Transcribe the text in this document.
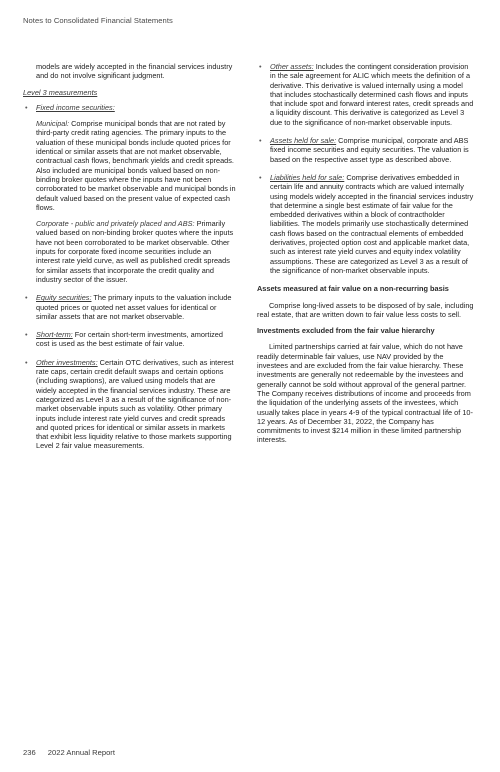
Notes to Consolidated Financial Statements

models are widely accepted in the financial services industry and do not involve significant judgment.

Level 3 measurements

• Fixed income securities:

Municipal: Comprise municipal bonds that are not rated by third-party credit rating agencies. The primary inputs to the valuation of these municipal bonds include quoted prices for identical or similar assets that are not market observable, contractual cash flows, benchmark yields and credit spreads. Also included are municipal bonds valued based on non-binding broker quotes where the inputs have not been corroborated to be market observable and municipal bonds in default valued based on the present value of expected cash flows.

Corporate - public and privately placed and ABS: Primarily valued based on non-binding broker quotes where the inputs have not been corroborated to be market observable. Other inputs for corporate fixed income securities include an interest rate yield curve, as well as published credit spreads for similar assets that incorporate the credit quality and industry sector of the issuer.

• Equity securities: The primary inputs to the valuation include quoted prices or quoted net asset values for identical or similar assets that are not market observable.
• Short-term: For certain short-term investments, amortized cost is used as the best estimate of fair value.
• Other investments: Certain OTC derivatives, such as interest rate caps, certain credit default swaps and certain options (including swaptions), are valued using models that are widely accepted in the financial services industry. These are categorized as Level 3 as a result of the significance of non-market observable inputs such as volatility. Other primary inputs include interest rate yield curves and credit spreads and quoted prices for identical or similar assets in markets that exhibit less liquidity relative to those markets supporting Level 2 fair value measurements.
• Other assets: Includes the contingent consideration provision in the sale agreement for ALIC which meets the definition of a derivative. This derivative is valued internally using a model that includes stochastically determined cash flows and inputs that include spot and forward interest rates, credit spreads and a liquidity discount. This derivative is categorized as Level 3 due to the significance of non-market observable inputs.
• Assets held for sale: Comprise municipal, corporate and ABS fixed income securities and equity securities. The valuation is based on the respective asset type as described above.
• Liabilities held for sale: Comprise derivatives embedded in certain life and annuity contracts which are valued internally using models widely accepted in the financial services industry that determine a single best estimate of fair value for the embedded derivatives within a block of contractholder liabilities. The models primarily use stochastically determined cash flows based on the contractual elements of embedded derivatives, projected option cost and applicable market data, such as interest rate yield curves and equity index volatility assumptions. These are categorized as Level 3 as a result of the significance of non-market observable inputs.

Assets measured at fair value on a non-recurring basis

Comprise long-lived assets to be disposed of by sale, including real estate, that are written down to fair value less costs to sell.

Investments excluded from the fair value hierarchy

Limited partnerships carried at fair value, which do not have readily determinable fair values, use NAV provided by the investees and are excluded from the fair value hierarchy. These investments are generally not redeemable by the investees and generally cannot be sold without approval of the general partner. The Company receives distributions of income and proceeds from the liquidation of the underlying assets of the investees, which usually takes place in years 4-9 of the typical contractual life of 10-12 years. As of December 31, 2022, the Company has commitments to invest $214 million in these limited partnership interests.

236 2022 Annual Report
